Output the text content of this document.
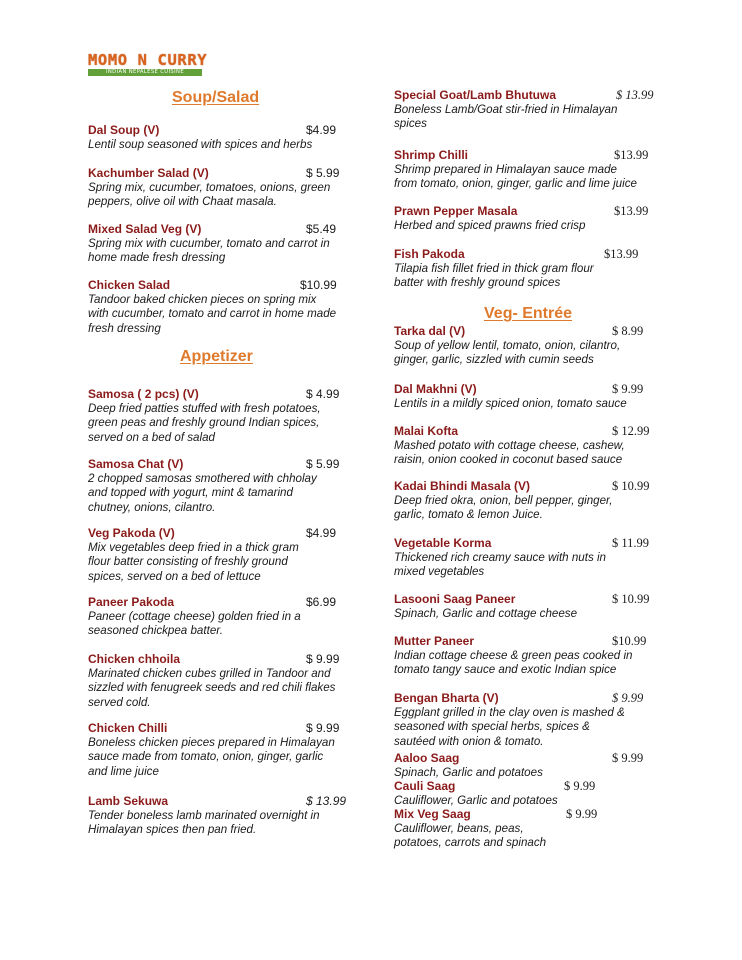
MOMO N CURRY
INDIAN NEPALESE CUISINE
Soup/Salad
Dal Soup (V)	$4.99
Lentil soup seasoned with spices and herbs
Kachumber Salad (V)	$ 5.99
Spring mix, cucumber, tomatoes, onions, green
peppers, olive oil with Chaat masala.
Mixed Salad Veg (V)	$5.49
Spring mix with cucumber, tomato and carrot in
home made fresh dressing
Chicken Salad	$10.99
Tandoor baked chicken pieces on spring mix
with cucumber, tomato and carrot in home made
fresh dressing
Appetizer
Samosa ( 2 pcs) (V)	$ 4.99
Deep fried patties stuffed with fresh potatoes,
green peas and freshly ground Indian spices,
served on a bed of salad
Samosa Chat (V)	$ 5.99
2 chopped samosas smothered with chholay
and topped with yogurt, mint & tamarind
chutney, onions, cilantro.
Veg Pakoda (V)	$4.99
Mix vegetables deep fried in a thick gram
flour batter consisting of freshly ground
spices, served on a bed of lettuce
Paneer Pakoda	$6.99
Paneer (cottage cheese) golden fried in a
seasoned chickpea batter.
Chicken chhoila	$ 9.99
Marinated chicken cubes grilled in Tandoor and
sizzled with fenugreek seeds and red chili flakes
served cold.
Chicken Chilli	$ 9.99
Boneless chicken pieces prepared in Himalayan
sauce made from tomato, onion, ginger, garlic
and lime juice
Lamb Sekuwa	$ 13.99
Tender boneless lamb marinated overnight in
Himalayan spices then pan fried.
Special Goat/Lamb Bhutuwa	$ 13.99
Boneless Lamb/Goat stir-fried in Himalayan
spices
Shrimp Chilli	$13.99
Shrimp prepared in Himalayan sauce made
from tomato, onion, ginger, garlic and lime juice
Prawn Pepper Masala	$13.99
Herbed and spiced prawns fried crisp
Fish Pakoda	$13.99
Tilapia fish fillet fried in thick gram flour
batter with freshly ground spices
Veg- Entrée
Tarka dal (V)	$ 8.99
Soup of yellow lentil, tomato, onion, cilantro,
ginger, garlic, sizzled with cumin seeds
Dal Makhni (V)	$ 9.99
Lentils in a mildly spiced onion, tomato sauce
Malai Kofta	$ 12.99
Mashed potato with cottage cheese, cashew,
raisin, onion cooked in coconut based sauce
Kadai Bhindi Masala (V)	$ 10.99
Deep fried okra, onion, bell pepper, ginger,
garlic, tomato & lemon Juice.
Vegetable Korma	$ 11.99
Thickened rich creamy sauce with nuts in
mixed vegetables
Lasooni Saag Paneer	$ 10.99
Spinach, Garlic and cottage cheese
Mutter Paneer	$10.99
Indian cottage cheese & green peas cooked in
tomato tangy sauce and exotic Indian spice
Bengan Bharta (V)	$ 9.99
Eggplant grilled in the clay oven is mashed &
seasoned with special herbs, spices &
sautéed with onion & tomato.
Aaloo Saag	$ 9.99
Spinach, Garlic and potatoes
Cauli Saag	$ 9.99
Cauliflower, Garlic and potatoes
Mix Veg Saag	$ 9.99
Cauliflower, beans, peas,
potatoes, carrots and spinach
